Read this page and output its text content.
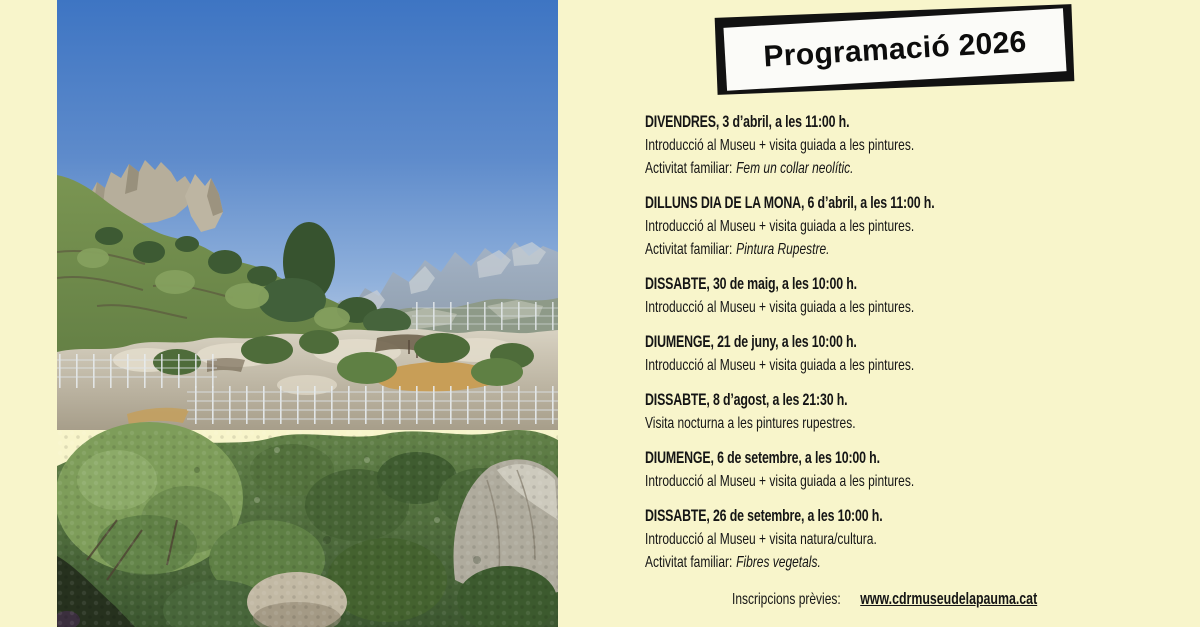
Programació 2026
DIVENDRES, 3 d’abril, a les 11:00 h.
Introducció al Museu + visita guiada a les pintures.
Activitat familiar: Fem un collar neolític.
DILLUNS DIA DE LA MONA, 6 d’abril, a les 11:00 h.
Introducció al Museu + visita guiada a les pintures.
Activitat familiar: Pintura Rupestre.
DISSABTE, 30 de maig, a les 10:00 h.
Introducció al Museu + visita guiada a les pintures.
DIUMENGE, 21 de juny, a les 10:00 h.
Introducció al Museu + visita guiada a les pintures.
DISSABTE, 8 d’agost, a les 21:30 h.
Visita nocturna a les pintures rupestres.
DIUMENGE, 6 de setembre, a les 10:00 h.
Introducció al Museu + visita guiada a les pintures.
DISSABTE, 26 de setembre, a les 10:00 h.
Introducció al Museu + visita natura/cultura.
Activitat familiar: Fibres vegetals.
Inscripcions prèvies: www.cdrmuseudelapauma.cat
